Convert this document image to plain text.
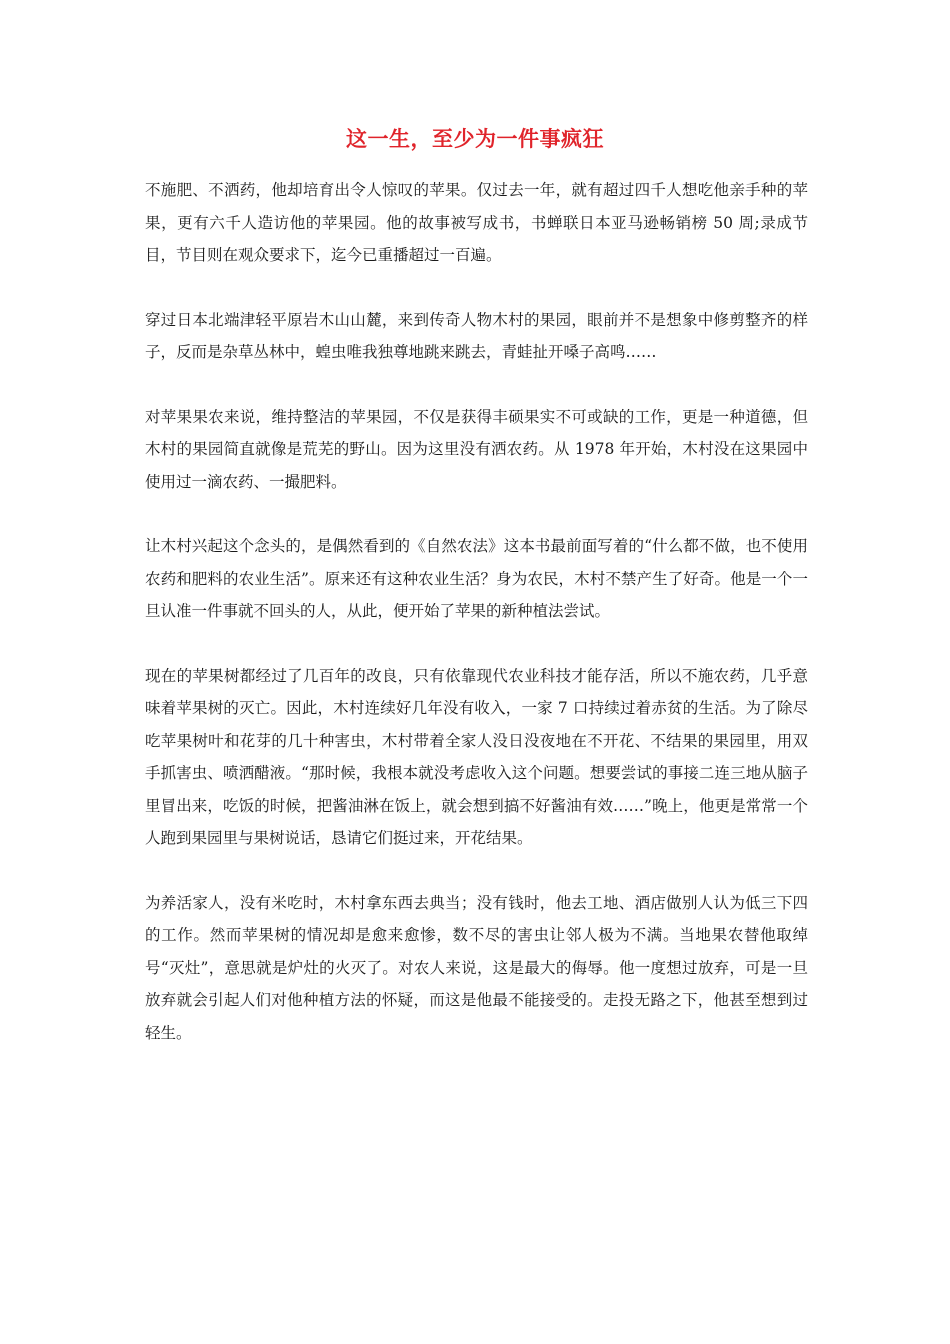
这一生，至少为一件事疯狂

不施肥、不洒药，他却培育出令人惊叹的苹果。仅过去一年，就有超过四千人想吃他亲手种的苹果，更有六千人造访他的苹果园。他的故事被写成书，书蝉联日本亚马逊畅销榜 50 周;录成节目，节目则在观众要求下，迄今已重播超过一百遍。

穿过日本北端津轻平原岩木山山麓，来到传奇人物木村的果园，眼前并不是想象中修剪整齐的样子，反而是杂草丛林中，蝗虫唯我独尊地跳来跳去，青蛙扯开嗓子高鸣……

对苹果果农来说，维持整洁的苹果园，不仅是获得丰硕果实不可或缺的工作，更是一种道德，但木村的果园简直就像是荒芜的野山。因为这里没有洒农药。从 1978 年开始，木村没在这果园中使用过一滴农药、一撮肥料。

让木村兴起这个念头的，是偶然看到的《自然农法》这本书最前面写着的“什么都不做，也不使用农药和肥料的农业生活”。原来还有这种农业生活？身为农民，木村不禁产生了好奇。他是一个一旦认准一件事就不回头的人，从此，便开始了苹果的新种植法尝试。

现在的苹果树都经过了几百年的改良，只有依靠现代农业科技才能存活，所以不施农药，几乎意味着苹果树的灭亡。因此，木村连续好几年没有收入，一家 7 口持续过着赤贫的生活。为了除尽吃苹果树叶和花芽的几十种害虫，木村带着全家人没日没夜地在不开花、不结果的果园里，用双手抓害虫、喷洒醋液。“那时候，我根本就没考虑收入这个问题。想要尝试的事接二连三地从脑子里冒出来，吃饭的时候，把酱油淋在饭上，就会想到搞不好酱油有效……”晚上，他更是常常一个人跑到果园里与果树说话，恳请它们挺过来，开花结果。

为养活家人，没有米吃时，木村拿东西去典当；没有钱时，他去工地、酒店做别人认为低三下四的工作。然而苹果树的情况却是愈来愈惨，数不尽的害虫让邻人极为不满。当地果农替他取绰号“灭灶”，意思就是炉灶的火灭了。对农人来说，这是最大的侮辱。他一度想过放弃，可是一旦放弃就会引起人们对他种植方法的怀疑，而这是他最不能接受的。走投无路之下，他甚至想到过轻生。
